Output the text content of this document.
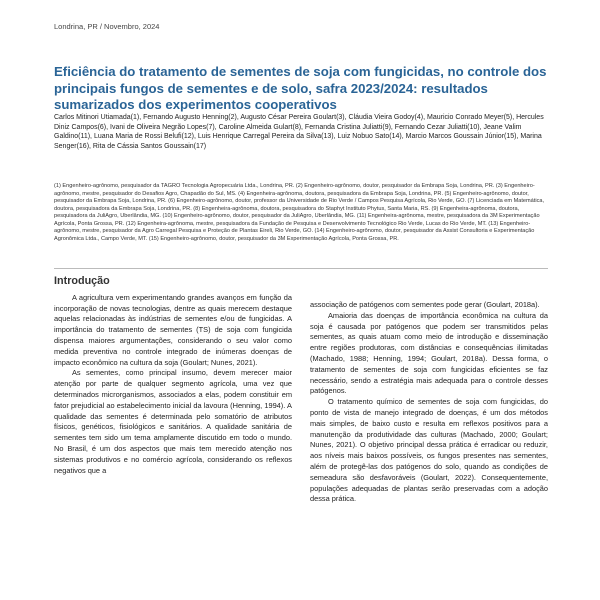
Londrina, PR / Novembro, 2024
Eficiência do tratamento de sementes de soja com fungicidas, no controle dos principais fungos de sementes e de solo, safra 2023/2024: resultados sumarizados dos experimentos cooperativos
Carlos Mitinori Utiamada(1), Fernando Augusto Henning(2), Augusto César Pereira Goulart(3), Cláudia Vieira Godoy(4), Mauricio Conrado Meyer(5), Hercules Diniz Campos(6), Ivani de Oliveira Negrão Lopes(7), Caroline Almeida Gulart(8), Fernanda Cristina Juliatti(9), Fernando Cezar Juliatti(10), Jeane Valim Galdino(11), Luana Maria de Rossi Belufi(12), Luis Henrique Carregal Pereira da Silva(13), Luiz Nobuo Sato(14), Marcio Marcos Goussain Júnior(15), Marina Senger(16), Rita de Cássia Santos Goussain(17)
(1) Engenheiro-agrônomo, pesquisador da TAGRO Tecnologia Agropecuária Ltda., Londrina, PR. (2) Engenheiro-agrônomo, doutor, pesquisador da Embrapa Soja, Londrina, PR. (3) Engenheiro-agrônomo, mestre, pesquisador do Desafios Agro, Chapadão do Sul, MS. (4) Engenheira-agrônoma, doutora, pesquisadora da Embrapa Soja, Londrina, PR. (5) Engenheiro-agrônomo, doutor, pesquisador da Embrapa Soja, Londrina, PR. (6) Engenheiro-agrônomo, doutor, professor da Universidade de Rio Verde / Campos Pesquisa Agrícola, Rio Verde, GO. (7) Licenciada em Matemática, doutora, pesquisadora da Embrapa Soja, Londrina, PR. (8) Engenheira-agrônoma, doutora, pesquisadora do Staphyt Instituto Phytus, Santa Maria, RS. (9) Engenheira-agrônoma, doutora, pesquisadora da JuliAgro, Uberlândia, MG. (10) Engenheiro-agrônomo, doutor, pesquisador da JuliAgro, Uberlândia, MG. (11) Engenheira-agrônoma, mestre, pesquisadora da 3M Experimentação Agrícola, Ponta Grossa, PR. (12) Engenheira-agrônoma, mestre, pesquisadora da Fundação de Pesquisa e Desenvolvimento Tecnológico Rio Verde, Lucas do Rio Verde, MT. (13) Engenheiro-agrônomo, mestre, pesquisador da Agro Carregal Pesquisa e Proteção de Plantas Eireli, Rio Verde, GO. (14) Engenheiro-agrônomo, doutor, pesquisador da Assist Consultoria e Experimentação Agronômica Ltda., Campo Verde, MT. (15) Engenheiro-agrônomo, doutor, pesquisador da 3M Experimentação Agrícola, Ponta Grossa, PR.
Introdução

A agricultura vem experimentando grandes avanços em função da incorporação de novas tecnologias, dentre as quais merecem destaque aquelas relacionadas às indústrias de sementes e/ou de fungicidas. A importância do tratamento de sementes (TS) de soja com fungicida dispensa maiores argumentações, considerando o seu valor como medida preventiva no controle integrado de inúmeras doenças de impacto econômico na cultura da soja (Goulart; Nunes, 2021).

As sementes, como principal insumo, devem merecer maior atenção por parte de qualquer segmento agrícola, uma vez que determinados microrganismos, associados a elas, podem constituir em fator prejudicial ao estabelecimento inicial da lavoura (Henning, 1994). A qualidade das sementes é determinada pelo somatório de atributos físicos, genéticos, fisiológicos e sanitários. A qualidade sanitária de sementes tem sido um tema amplamente discutido em todo o mundo. No Brasil, é um dos aspectos que mais tem merecido atenção nos sistemas produtivos e no comércio agrícola, considerando os reflexos negativos que a

associação de patógenos com sementes pode gerar (Goulart, 2018a).

Amaioria das doenças de importância econômica na cultura da soja é causada por patógenos que podem ser transmitidos pelas sementes, as quais atuam como meio de introdução e disseminação entre regiões produtoras, com distâncias e consequências ilimitadas (Machado, 1988; Henning, 1994; Goulart, 2018a). Dessa forma, o tratamento de sementes de soja com fungicidas eficientes se faz necessário, sendo a estratégia mais adequada para o controle desses patógenos.

O tratamento químico de sementes de soja com fungicidas, do ponto de vista de manejo integrado de doenças, é um dos métodos mais simples, de baixo custo e resulta em reflexos positivos para a manutenção da produtividade das culturas (Machado, 2000; Goulart; Nunes, 2021). O objetivo principal dessa prática é erradicar ou reduzir, aos níveis mais baixos possíveis, os fungos presentes nas sementes, além de protegê-las dos patógenos do solo, quando as condições de semeadura são desfavoráveis (Goulart, 2022). Consequentemente, populações adequadas de plantas serão preservadas com a adoção dessa prática.
